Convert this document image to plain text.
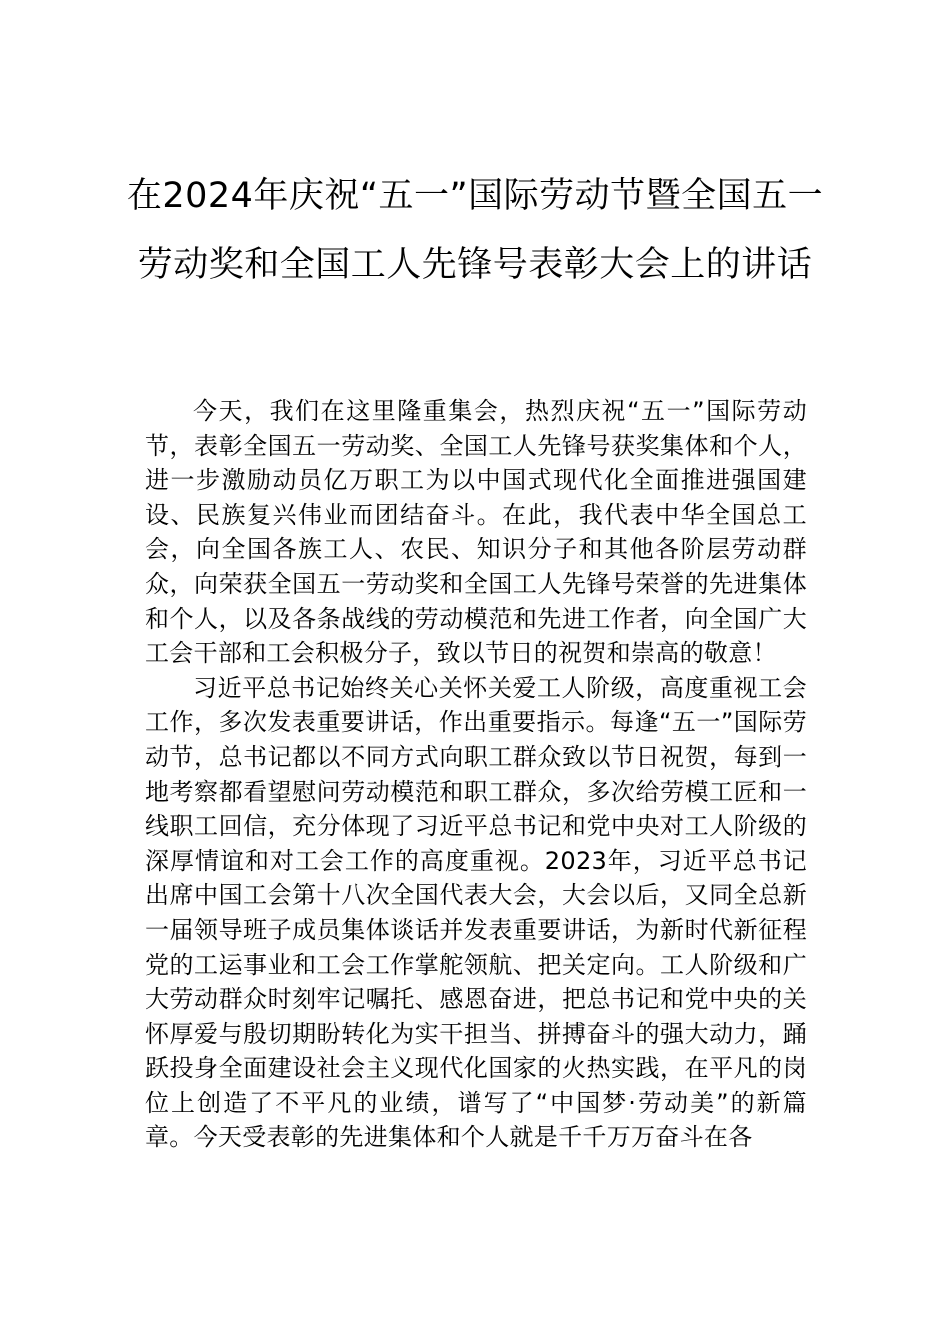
在2024年庆祝“五一”国际劳动节暨全国五一劳动奖和全国工人先锋号表彰大会上的讲话

今天，我们在这里隆重集会，热烈庆祝“五一”国际劳动节，表彰全国五一劳动奖、全国工人先锋号获奖集体和个人，进一步激励动员亿万职工为以中国式现代化全面推进强国建设、民族复兴伟业而团结奋斗。在此，我代表中华全国总工会，向全国各族工人、农民、知识分子和其他各阶层劳动群众，向荣获全国五一劳动奖和全国工人先锋号荣誉的先进集体和个人，以及各条战线的劳动模范和先进工作者，向全国广大工会干部和工会积极分子，致以节日的祝贺和崇高的敬意！

习近平总书记始终关心关怀关爱工人阶级，高度重视工会工作，多次发表重要讲话，作出重要指示。每逢“五一”国际劳动节，总书记都以不同方式向职工群众致以节日祝贺，每到一地考察都看望慰问劳动模范和职工群众，多次给劳模工匠和一线职工回信，充分体现了习近平总书记和党中央对工人阶级的深厚情谊和对工会工作的高度重视。2023年，习近平总书记出席中国工会第十八次全国代表大会，大会以后，又同全总新一届领导班子成员集体谈话并发表重要讲话，为新时代新征程党的工运事业和工会工作掌舵领航、把关定向。工人阶级和广大劳动群众时刻牢记嘱托、感恩奋进，把总书记和党中央的关怀厚爱与殷切期盼转化为实干担当、拼搏奋斗的强大动力，踊跃投身全面建设社会主义现代化国家的火热实践，在平凡的岗位上创造了不平凡的业绩，谱写了“中国梦·劳动美”的新篇章。今天受表彰的先进集体和个人就是千千万万奋斗在各
